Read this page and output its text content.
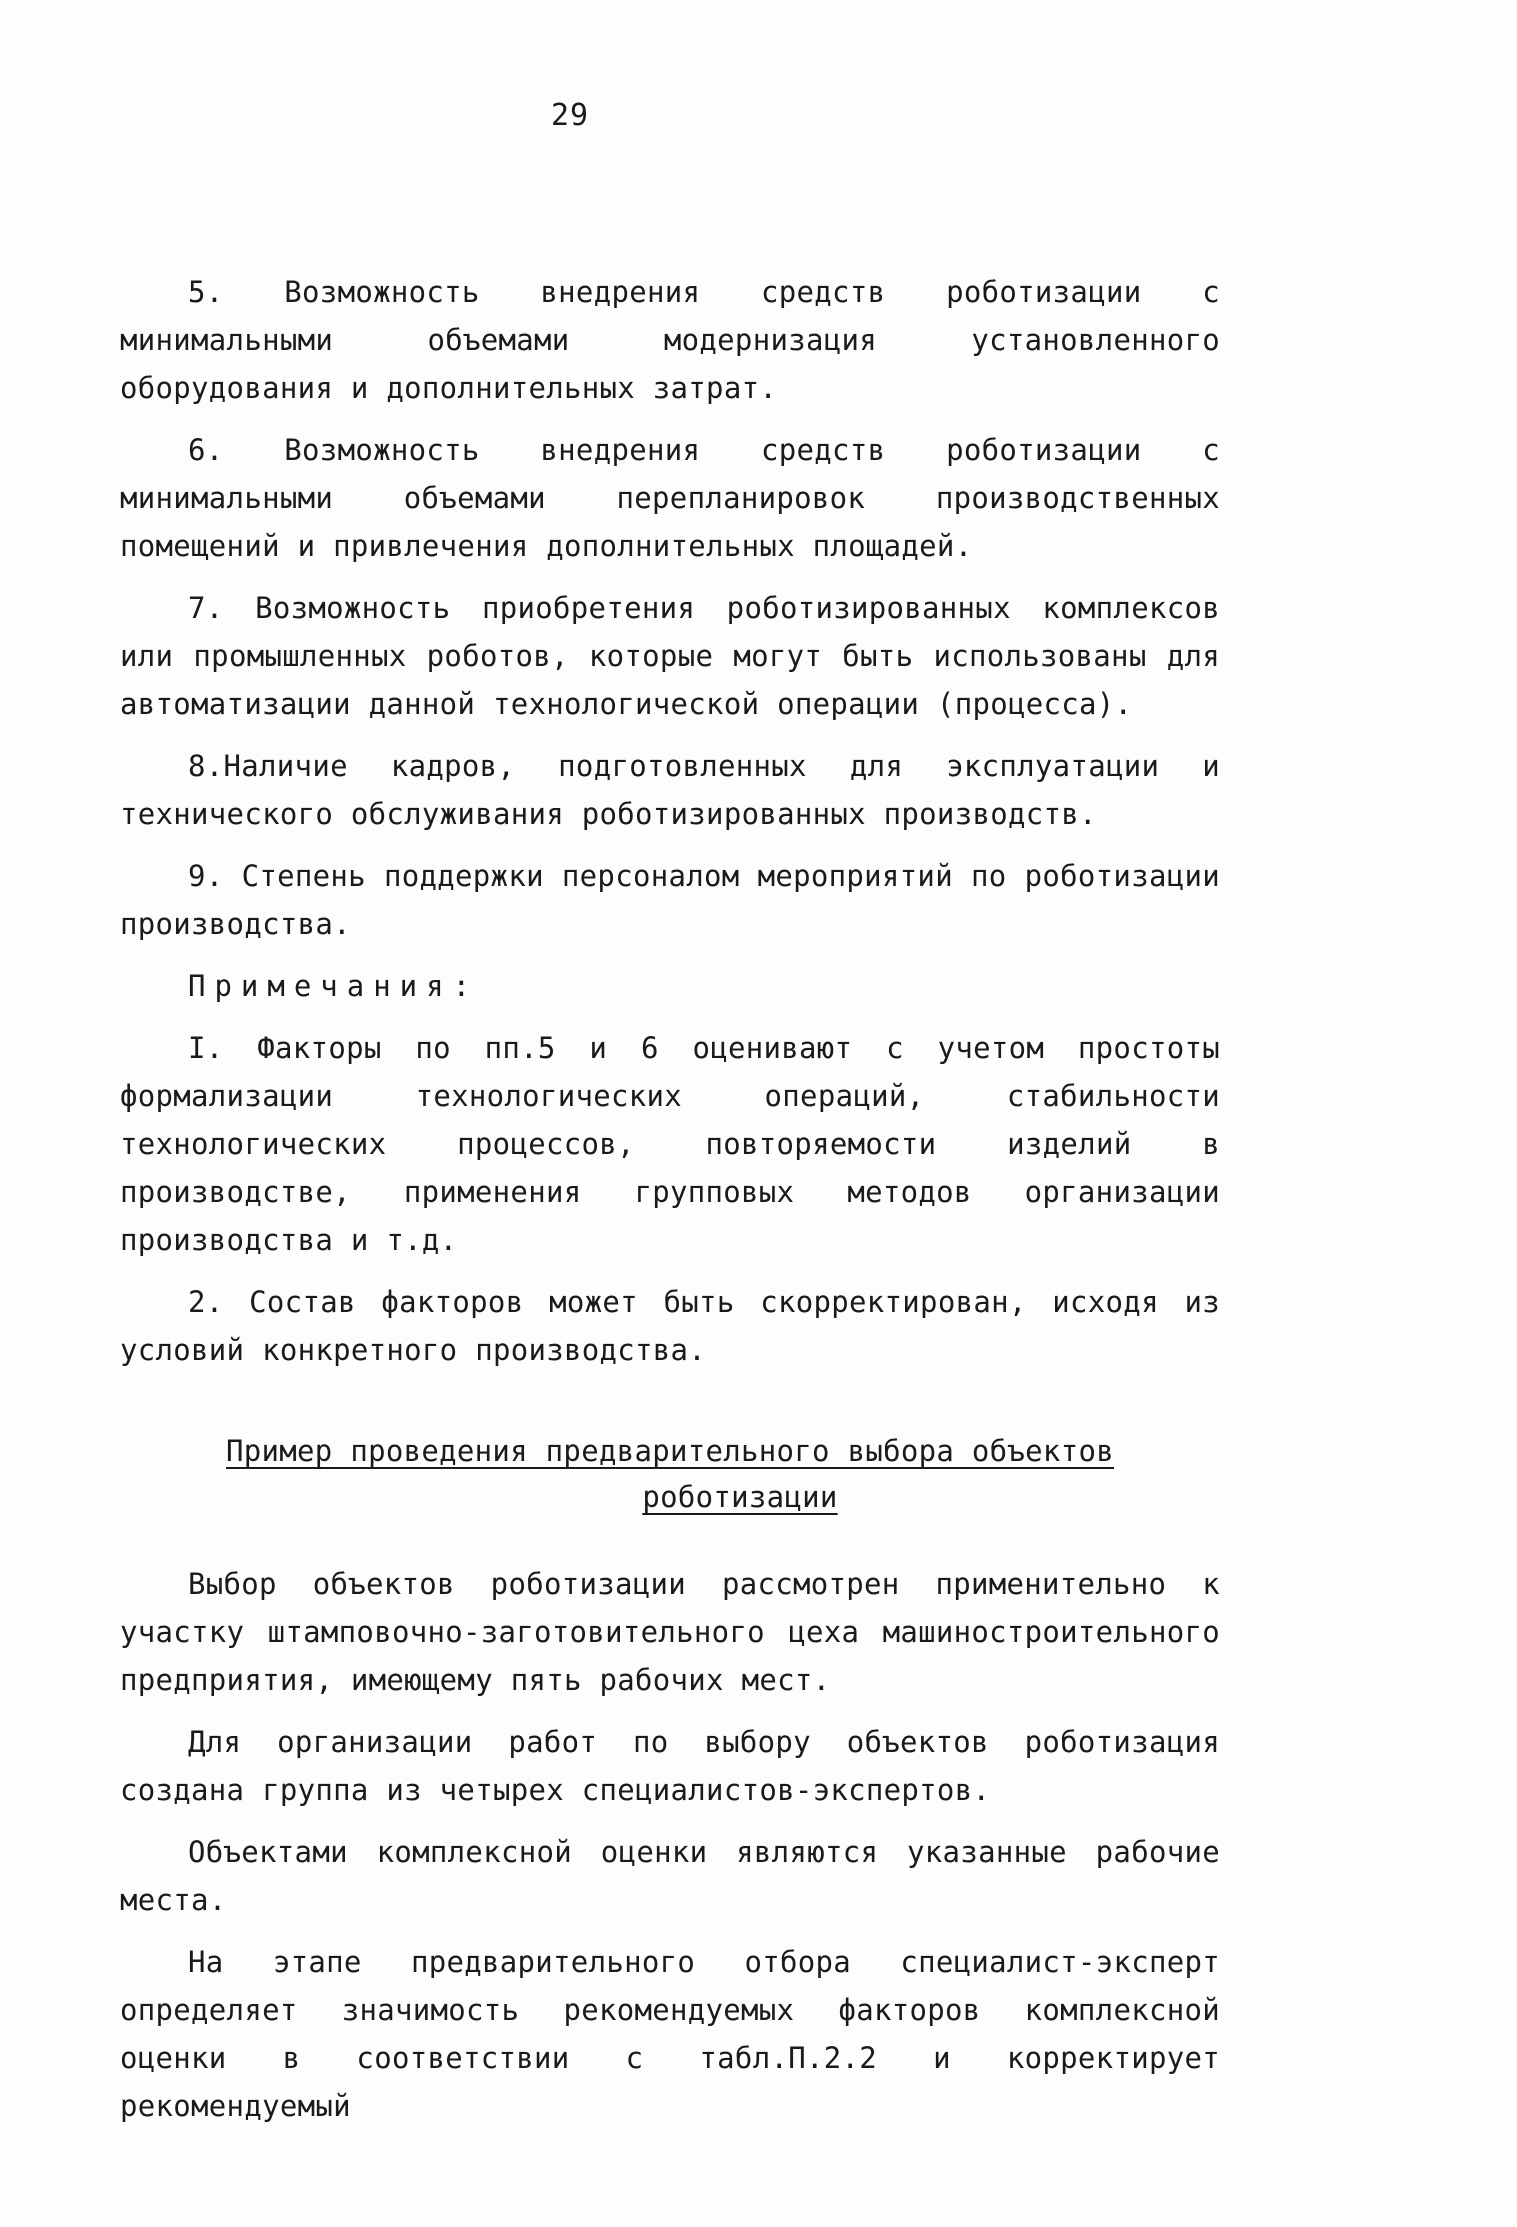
29

5. Возможность внедрения средств роботизации с минимальными объемами модернизация установленного оборудования и дополнительных затрат.

6. Возможность внедрения средств роботизации с минимальными объемами перепланировок производственных помещений и привлечения дополнительных площадей.

7. Возможность приобретения роботизированных комплексов или промышленных роботов, которые могут быть использованы для автоматизации данной технологической операции (процесса).

8.Наличие кадров, подготовленных для эксплуатации и технического обслуживания роботизированных производств.

9. Степень поддержки персоналом мероприятий по роботизации производства.

Примечания:

I. Факторы по пп.5 и 6 оценивают с учетом простоты формализации технологических операций, стабильности технологических процессов, повторяемости изделий в производстве, применения групповых методов организации производства и т.д.

2. Состав факторов может быть скорректирован, исходя из условий конкретного производства.

Пример проведения предварительного выбора объектов
роботизации

Выбор объектов роботизации рассмотрен применительно к участку штамповочно-заготовительного цеха машиностроительного предприятия, имеющему пять рабочих мест.

Для организации работ по выбору объектов роботизация создана группа из четырех специалистов-экспертов.

Объектами комплексной оценки являются указанные рабочие места.

На этапе предварительного отбора специалист-эксперт определяет значимость рекомендуемых факторов комплексной оценки в соответствии с табл.П.2.2 и корректирует рекомендуемый
